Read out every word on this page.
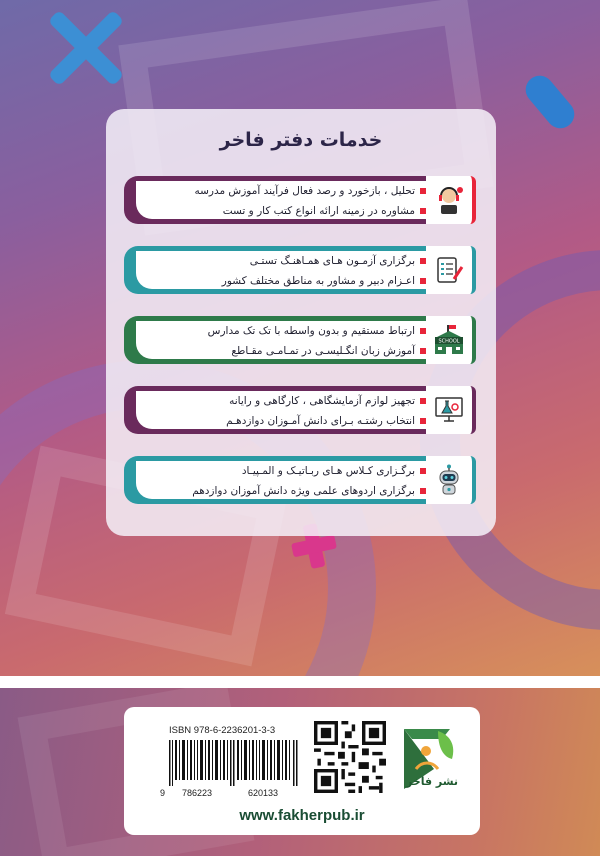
خدمات دفتر فاخر
تحلیل ، بازخورد و رصد فعال فرآیند آموزش مدرسه
مشاوره در زمینه ارائه انواع کتب کار و تست
برگزاری آزمـون هـای همـاهنـگ تستـی
اعـزام دبیر و مشاور به مناطق مختلف کشور
SCHOOL
ارتباط مستقیم و بدون واسطه با تک تک مدارس
آموزش زبان انگـلیسـی در تمـامـی مقـاطع
تجهیز لوازم آزمایشگاهی ، کارگاهی و رایانه
انتخاب رشتـه بـرای دانش آمـوزان دوازدهـم
برگـزاری کـلاس هـای ربـاتیـک و المـپیـاد
برگزاری اردوهای علمی ویژه دانش آموزان دوازدهم
ISBN 978-6-2236201-3-3
9 786223	620133
نشر فاخر
www.fakherpub.ir
